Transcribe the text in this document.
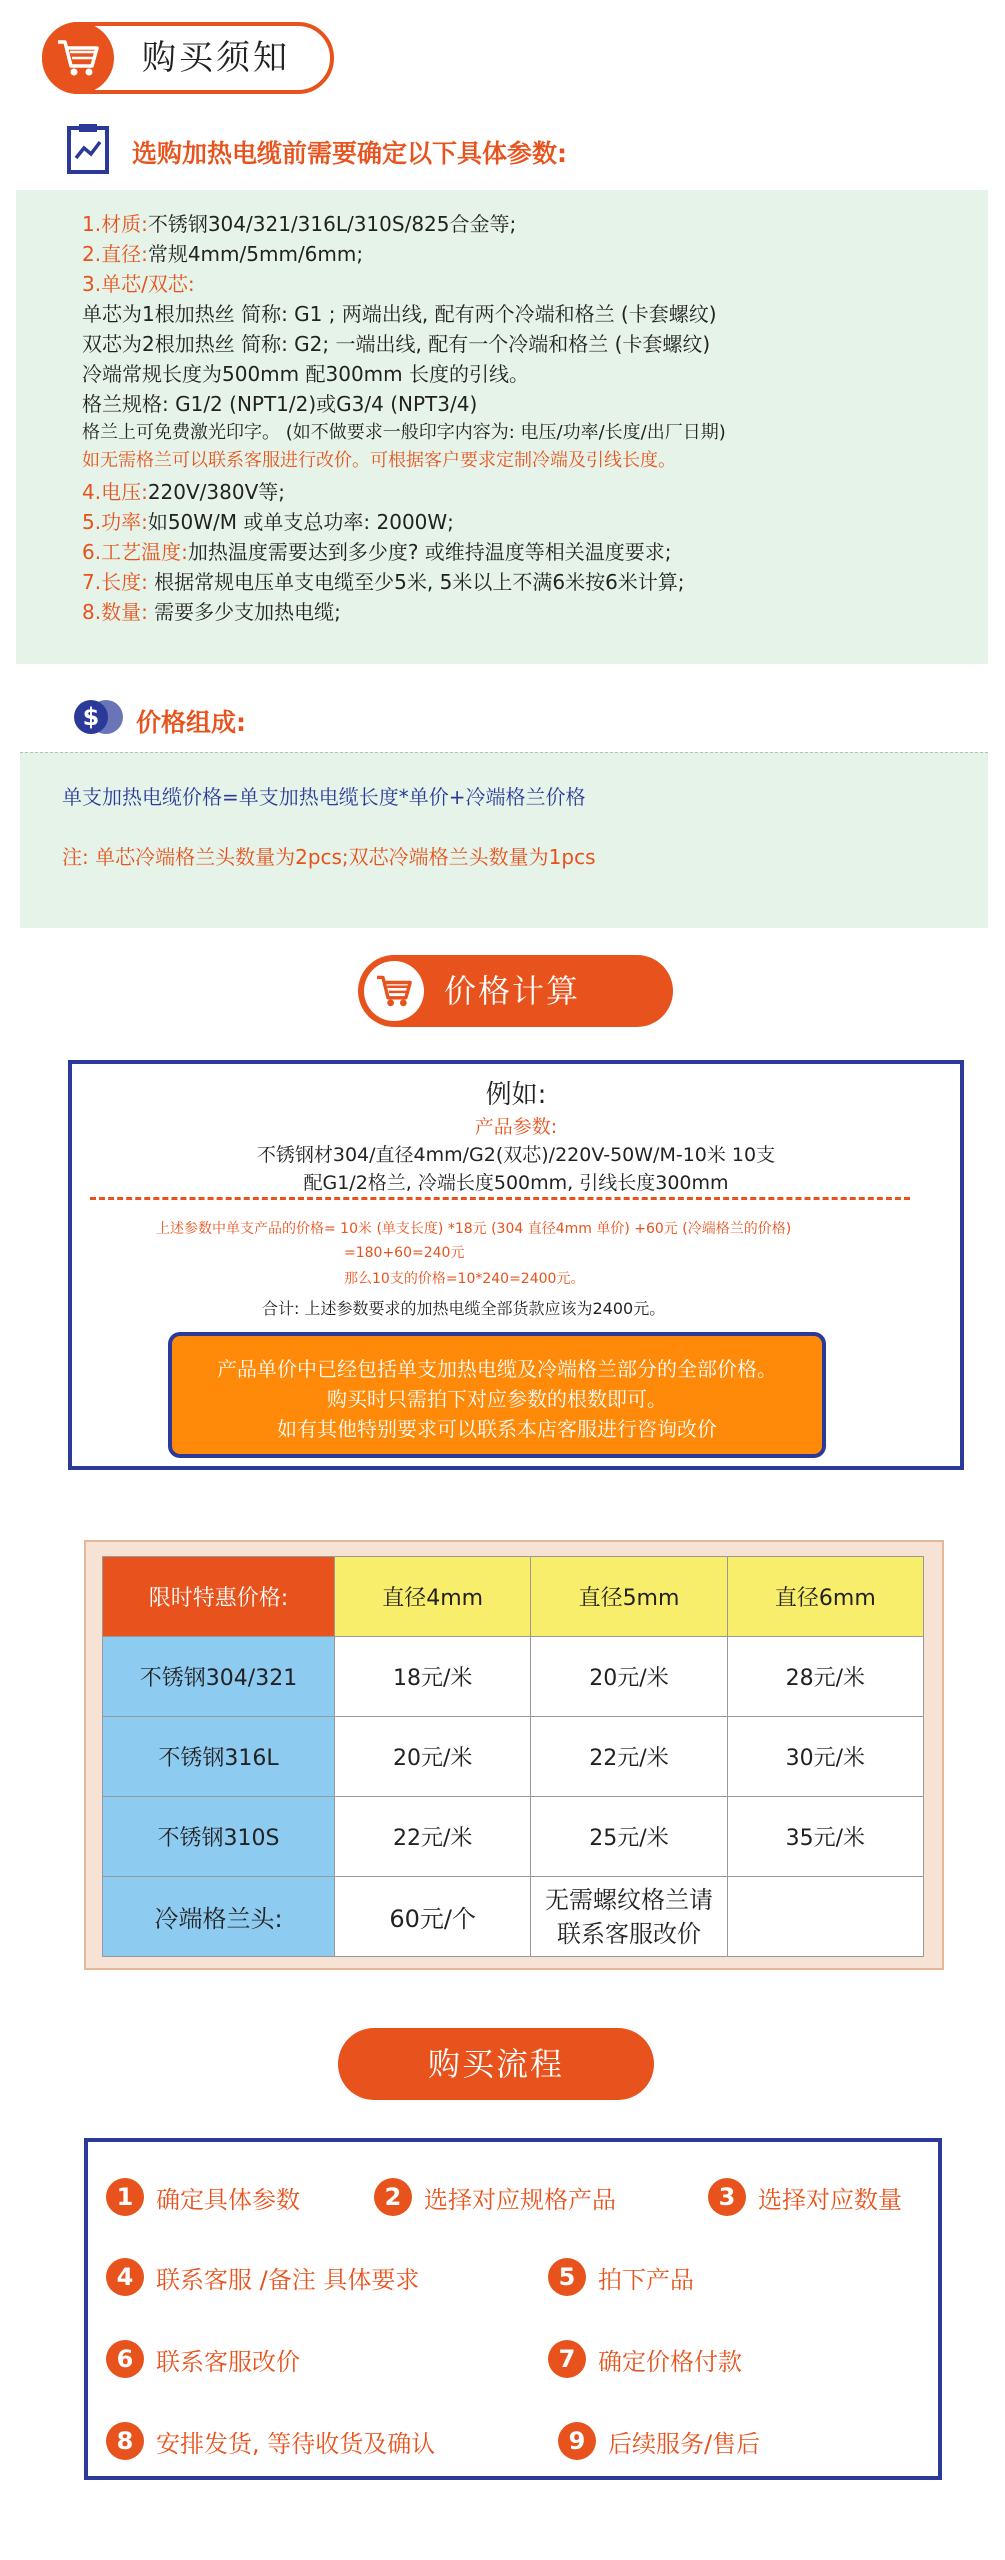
购买须知
选购加热电缆前需要确定以下具体参数:
1.材质:不锈钢304/321/316L/310S/825合金等;
2.直径:常规4mm/5mm/6mm;
3.单芯/双芯:
单芯为1根加热丝 简称: G1 ; 两端出线, 配有两个冷端和格兰 (卡套螺纹)
双芯为2根加热丝 简称: G2; 一端出线, 配有一个冷端和格兰 (卡套螺纹)
冷端常规长度为500mm 配300mm 长度的引线。
格兰规格: G1/2 (NPT1/2)或G3/4 (NPT3/4)
格兰上可免费激光印字。 (如不做要求一般印字内容为: 电压/功率/长度/出厂日期)
如无需格兰可以联系客服进行改价。可根据客户要求定制冷端及引线长度。
4.电压:220V/380V等;
5.功率:如50W/M 或单支总功率: 2000W;
6.工艺温度:加热温度需要达到多少度? 或维持温度等相关温度要求;
7.长度: 根据常规电压单支电缆至少5米, 5米以上不满6米按6米计算;
8.数量: 需要多少支加热电缆;
$ 价格组成:
单支加热电缆价格=单支加热电缆长度*单价+冷端格兰价格
注: 单芯冷端格兰头数量为2pcs;双芯冷端格兰头数量为1pcs
价格计算
例如:
产品参数:
不锈钢材304/直径4mm/G2(双芯)/220V-50W/M-10米 10支
配G1/2格兰, 冷端长度500mm, 引线长度300mm
上述参数中单支产品的价格= 10米 (单支长度) *18元 (304 直径4mm 单价) +60元 (冷端格兰的价格)
=180+60=240元
那么10支的价格=10*240=2400元。
合计: 上述参数要求的加热电缆全部货款应该为2400元。
产品单价中已经包括单支加热电缆及冷端格兰部分的全部价格。
购买时只需拍下对应参数的根数即可。
如有其他特别要求可以联系本店客服进行咨询改价
限时特惠价格:	直径4mm	直径5mm	直径6mm
不锈钢304/321	18元/米	20元/米	28元/米
不锈钢316L	20元/米	22元/米	30元/米
不锈钢310S	22元/米	25元/米	35元/米
冷端格兰头:	60元/个	无需螺纹格兰请
联系客服改价	

购买流程
1 确定具体参数	2 选择对应规格产品	3 选择对应数量
4 联系客服 /备注 具体要求	5 拍下产品
6 联系客服改价	7 确定价格付款
8 安排发货, 等待收货及确认	9 后续服务/售后
